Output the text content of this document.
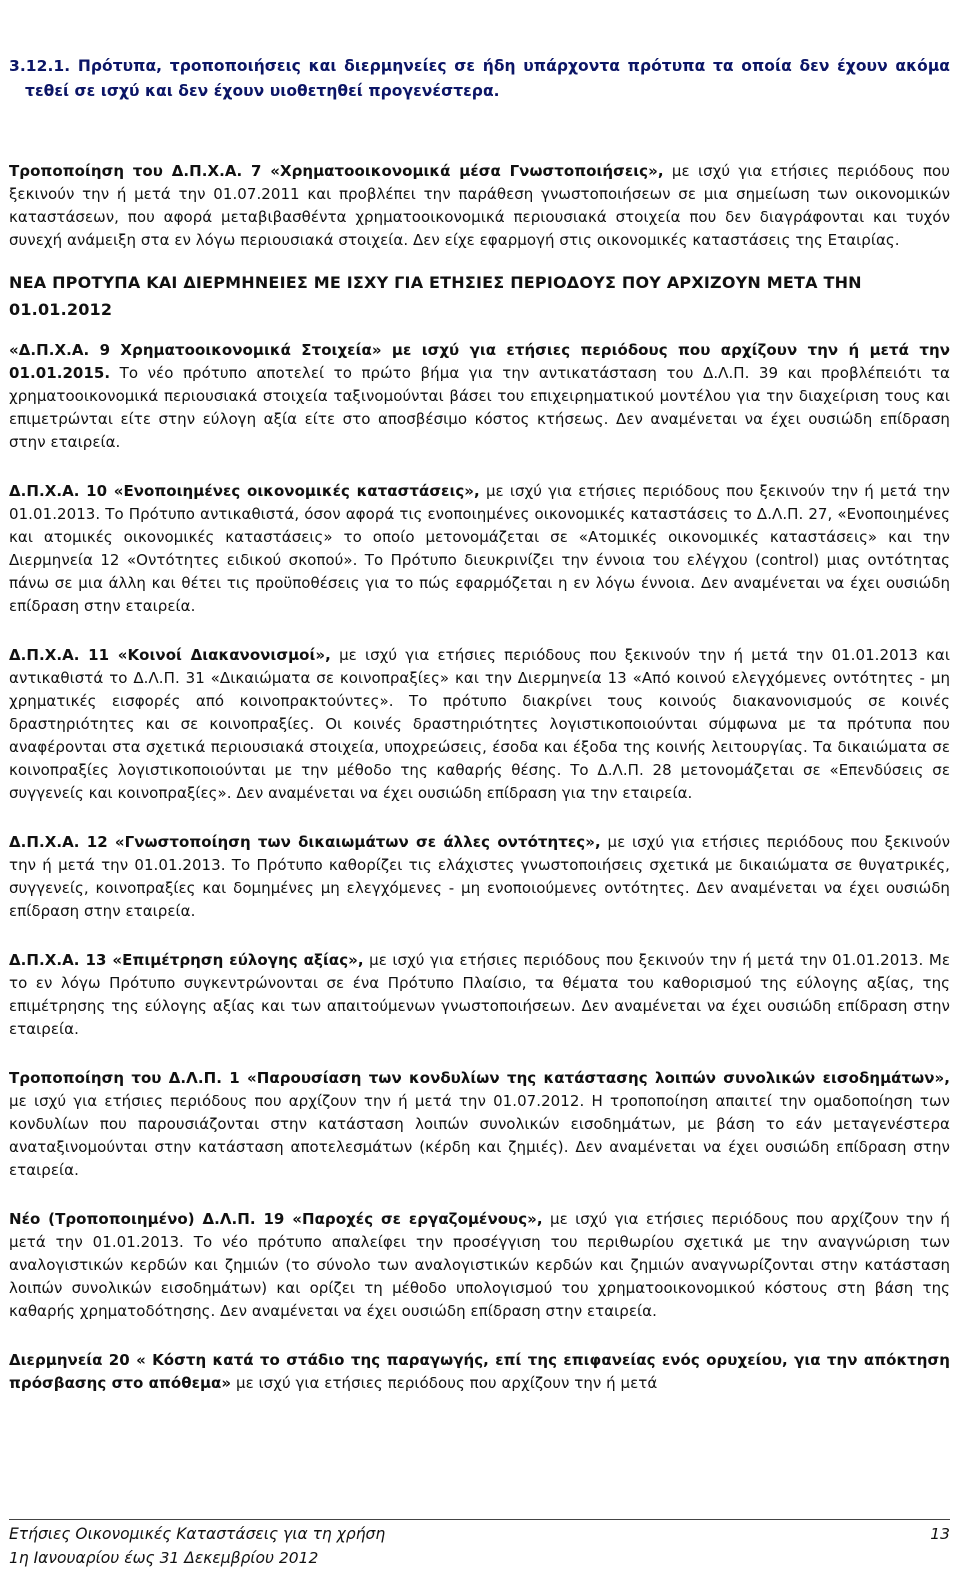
3.12.1. Πρότυπα, τροποποιήσεις και διερμηνείες σε ήδη υπάρχοντα πρότυπα τα οποία δεν έχουν ακόμα τεθεί σε ισχύ και δεν έχουν υιοθετηθεί προγενέστερα.

Τροποποίηση του Δ.Π.Χ.Α. 7 «Χρηματοοικονομικά μέσα Γνωστοποιήσεις», με ισχύ για ετήσιες περιόδους που ξεκινούν την ή μετά την 01.07.2011 και προβλέπει την παράθεση γνωστοποιήσεων σε μια σημείωση των οικονομικών καταστάσεων, που αφορά μεταβιβασθέντα χρηματοοικονομικά περιουσιακά στοιχεία που δεν διαγράφονται και τυχόν συνεχή ανάμειξη στα εν λόγω περιουσιακά στοιχεία. Δεν είχε εφαρμογή στις οικονομικές καταστάσεις της Εταιρίας.

ΝΕΑ ΠΡΟΤΥΠΑ ΚΑΙ ΔΙΕΡΜΗΝΕΙΕΣ ΜΕ ΙΣΧΥ ΓΙΑ ΕΤΗΣΙΕΣ ΠΕΡΙΟΔΟΥΣ ΠΟΥ ΑΡΧΙΖΟΥΝ ΜΕΤΑ ΤΗΝ 01.01.2012

«Δ.Π.Χ.Α. 9 Χρηματοοικονομικά Στοιχεία» με ισχύ για ετήσιες περιόδους που αρχίζουν την ή μετά την 01.01.2015. Το νέο πρότυπο αποτελεί το πρώτο βήμα για την αντικατάσταση του Δ.Λ.Π. 39 και προβλέπειότι τα χρηματοοικονομικά περιουσιακά στοιχεία ταξινομούνται βάσει του επιχειρηματικού μοντέλου για την διαχείριση τους και επιμετρώνται είτε στην εύλογη αξία είτε στο αποσβέσιμο κόστος κτήσεως. Δεν αναμένεται να έχει ουσιώδη επίδραση στην εταιρεία.

Δ.Π.Χ.Α. 10 «Ενοποιημένες οικονομικές καταστάσεις», με ισχύ για ετήσιες περιόδους που ξεκινούν την ή μετά την 01.01.2013. Το Πρότυπο αντικαθιστά, όσον αφορά τις ενοποιημένες οικονομικές καταστάσεις το Δ.Λ.Π. 27, «Ενοποιημένες και ατομικές οικονομικές καταστάσεις» το οποίο μετονομάζεται σε «Ατομικές οικονομικές καταστάσεις» και την Διερμηνεία 12 «Οντότητες ειδικού σκοπού». Το Πρότυπο διευκρινίζει την έννοια του ελέγχου (control) μιας οντότητας πάνω σε μια άλλη και θέτει τις προϋποθέσεις για το πώς εφαρμόζεται η εν λόγω έννοια. Δεν αναμένεται να έχει ουσιώδη επίδραση στην εταιρεία.

Δ.Π.Χ.Α. 11 «Κοινοί Διακανονισμοί», με ισχύ για ετήσιες περιόδους που ξεκινούν την ή μετά την 01.01.2013 και αντικαθιστά το Δ.Λ.Π. 31 «Δικαιώματα σε κοινοπραξίες» και την Διερμηνεία 13 «Από κοινού ελεγχόμενες οντότητες - μη χρηματικές εισφορές από κοινοπρακτούντες». Το πρότυπο διακρίνει τους κοινούς διακανονισμούς σε κοινές δραστηριότητες και σε κοινοπραξίες. Οι κοινές δραστηριότητες λογιστικοποιούνται σύμφωνα με τα πρότυπα που αναφέρονται στα σχετικά περιουσιακά στοιχεία, υποχρεώσεις, έσοδα και έξοδα της κοινής λειτουργίας. Τα δικαιώματα σε κοινοπραξίες λογιστικοποιούνται με την μέθοδο της καθαρής θέσης. Το Δ.Λ.Π. 28 μετονομάζεται σε «Επενδύσεις σε συγγενείς και κοινοπραξίες». Δεν αναμένεται να έχει ουσιώδη επίδραση για την εταιρεία.

Δ.Π.Χ.Α. 12 «Γνωστοποίηση των δικαιωμάτων σε άλλες οντότητες», με ισχύ για ετήσιες περιόδους που ξεκινούν την ή μετά την 01.01.2013. Το Πρότυπο καθορίζει τις ελάχιστες γνωστοποιήσεις σχετικά με δικαιώματα σε θυγατρικές, συγγενείς, κοινοπραξίες και δομημένες μη ελεγχόμενες - μη ενοποιούμενες οντότητες. Δεν αναμένεται να έχει ουσιώδη επίδραση στην εταιρεία.

Δ.Π.Χ.Α. 13 «Επιμέτρηση εύλογης αξίας», με ισχύ για ετήσιες περιόδους που ξεκινούν την ή μετά την 01.01.2013. Με το εν λόγω Πρότυπο συγκεντρώνονται σε ένα Πρότυπο Πλαίσιο, τα θέματα του καθορισμού της εύλογης αξίας, της επιμέτρησης της εύλογης αξίας και των απαιτούμενων γνωστοποιήσεων. Δεν αναμένεται να έχει ουσιώδη επίδραση στην εταιρεία.

Τροποποίηση του Δ.Λ.Π. 1 «Παρουσίαση των κονδυλίων της κατάστασης λοιπών συνολικών εισοδημάτων», με ισχύ για ετήσιες περιόδους που αρχίζουν την ή μετά την 01.07.2012. Η τροποποίηση απαιτεί την ομαδοποίηση των κονδυλίων που παρουσιάζονται στην κατάσταση λοιπών συνολικών εισοδημάτων, με βάση το εάν μεταγενέστερα αναταξινομούνται στην κατάσταση αποτελεσμάτων (κέρδη και ζημιές). Δεν αναμένεται να έχει ουσιώδη επίδραση στην εταιρεία.

Νέο (Τροποποιημένο) Δ.Λ.Π. 19 «Παροχές σε εργαζομένους», με ισχύ για ετήσιες περιόδους που αρχίζουν την ή μετά την 01.01.2013. Το νέο πρότυπο απαλείφει την προσέγγιση του περιθωρίου σχετικά με την αναγνώριση των αναλογιστικών κερδών και ζημιών (το σύνολο των αναλογιστικών κερδών και ζημιών αναγνωρίζονται στην κατάσταση λοιπών συνολικών εισοδημάτων) και ορίζει τη μέθοδο υπολογισμού του χρηματοοικονομικού κόστους στη βάση της καθαρής χρηματοδότησης. Δεν αναμένεται να έχει ουσιώδη επίδραση στην εταιρεία.

Διερμηνεία 20 « Κόστη κατά το στάδιο της παραγωγής, επί της επιφανείας ενός ορυχείου, για την απόκτηση πρόσβασης στο απόθεμα» με ισχύ για ετήσιες περιόδους που αρχίζουν την ή μετά

Ετήσιες Οικονομικές Καταστάσεις για τη χρήση	13
1η Ιανουαρίου έως 31 Δεκεμβρίου 2012
